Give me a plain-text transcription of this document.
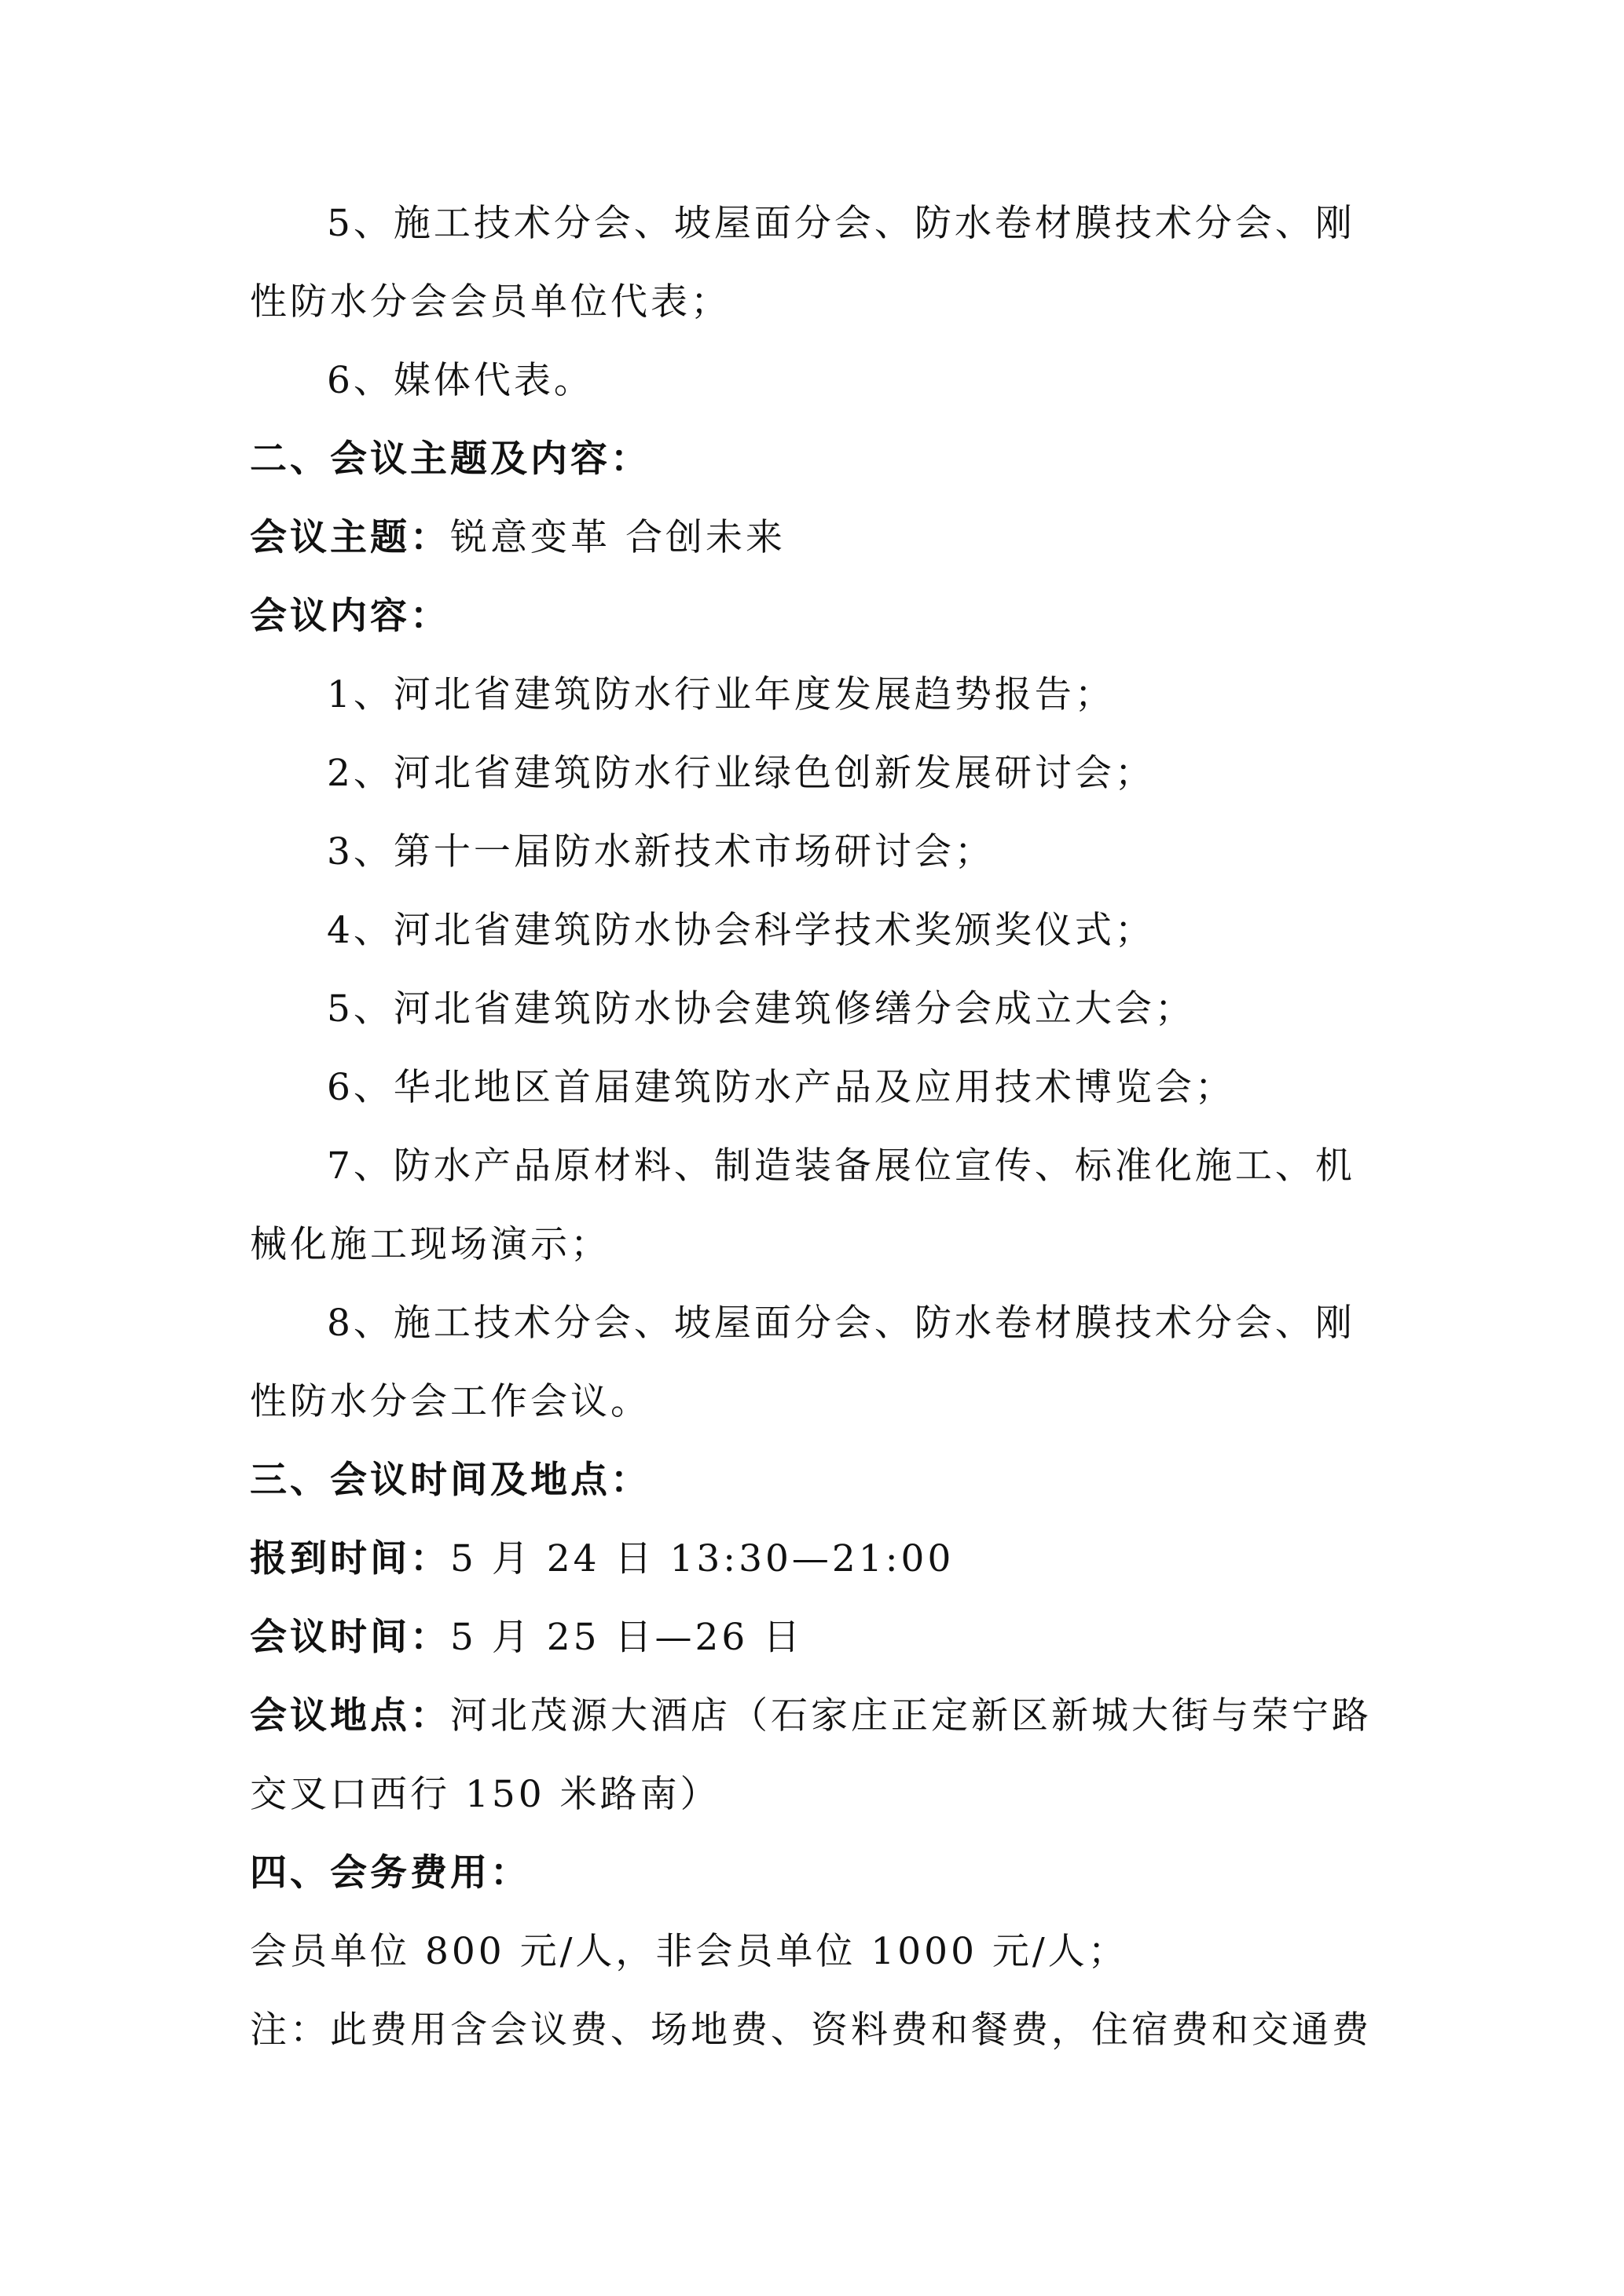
5、施工技术分会、坡屋面分会、防水卷材膜技术分会、刚
性防水分会会员单位代表；
6、媒体代表。
二、会议主题及内容：
会议主题：锐意变革 合创未来
会议内容：
1、河北省建筑防水行业年度发展趋势报告；
2、河北省建筑防水行业绿色创新发展研讨会；
3、第十一届防水新技术市场研讨会；
4、河北省建筑防水协会科学技术奖颁奖仪式；
5、河北省建筑防水协会建筑修缮分会成立大会；
6、华北地区首届建筑防水产品及应用技术博览会；
7、防水产品原材料、制造装备展位宣传、标准化施工、机
械化施工现场演示；
8、施工技术分会、坡屋面分会、防水卷材膜技术分会、刚
性防水分会工作会议。
三、会议时间及地点：
报到时间：5 月 24 日 13:30—21:00
会议时间：5 月 25 日—26 日
会议地点：河北茂源大酒店（石家庄正定新区新城大街与荣宁路
交叉口西行 150 米路南）
四、会务费用：
会员单位 800 元/人，非会员单位 1000 元/人；
注：此费用含会议费、场地费、资料费和餐费，住宿费和交通费
